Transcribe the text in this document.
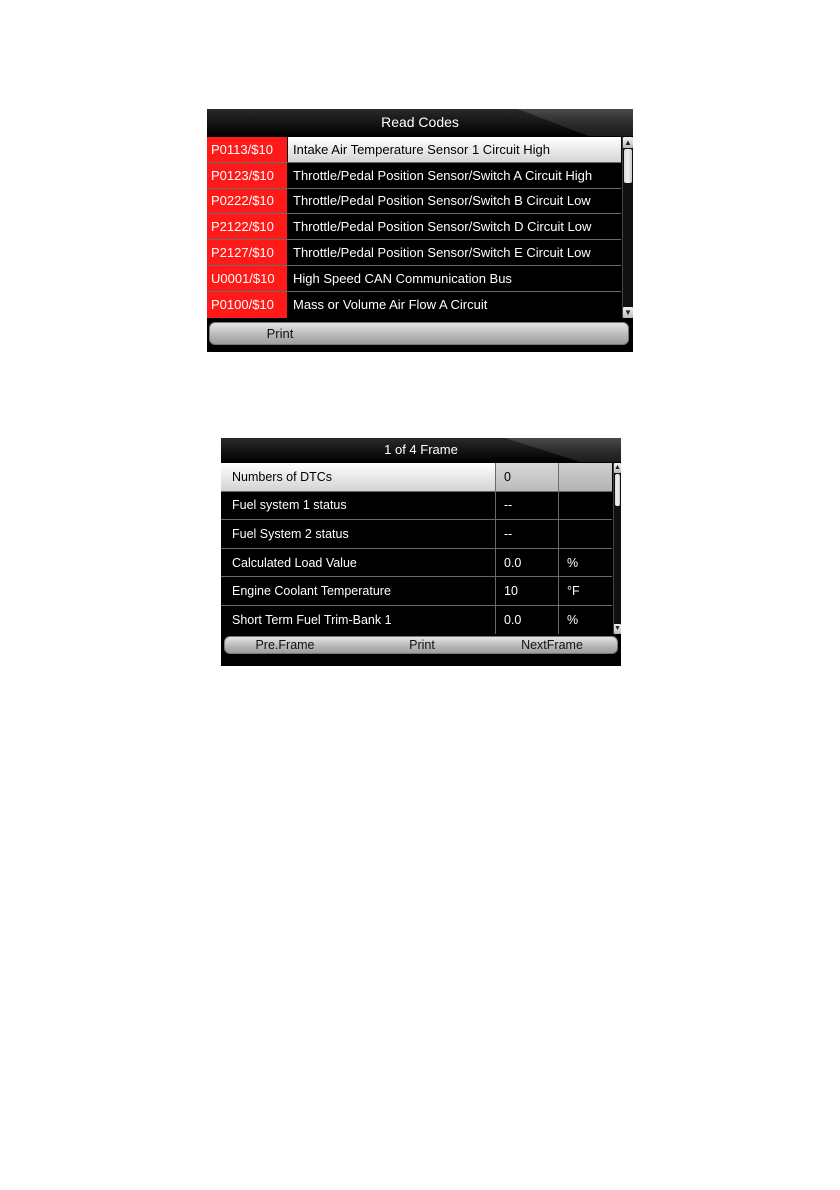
Read Codes
P0113/$10	Intake Air Temperature Sensor 1 Circuit High
P0123/$10	Throttle/Pedal Position Sensor/Switch A Circuit High
P0222/$10	Throttle/Pedal Position Sensor/Switch B Circuit Low
P2122/$10	Throttle/Pedal Position Sensor/Switch D Circuit Low
P2127/$10	Throttle/Pedal Position Sensor/Switch E Circuit Low
U0001/$10	High Speed CAN Communication Bus
P0100/$10	Mass or Volume Air Flow A Circuit
▲
▼
Print
1 of 4 Frame
Numbers of DTCs	0
Fuel system 1 status	--
Fuel System 2 status	--
Calculated Load Value	0.0	%
Engine Coolant Temperature	10	°F
Short Term Fuel Trim-Bank 1	0.0	%
▲
▼
Pre.Frame	Print	NextFrame
